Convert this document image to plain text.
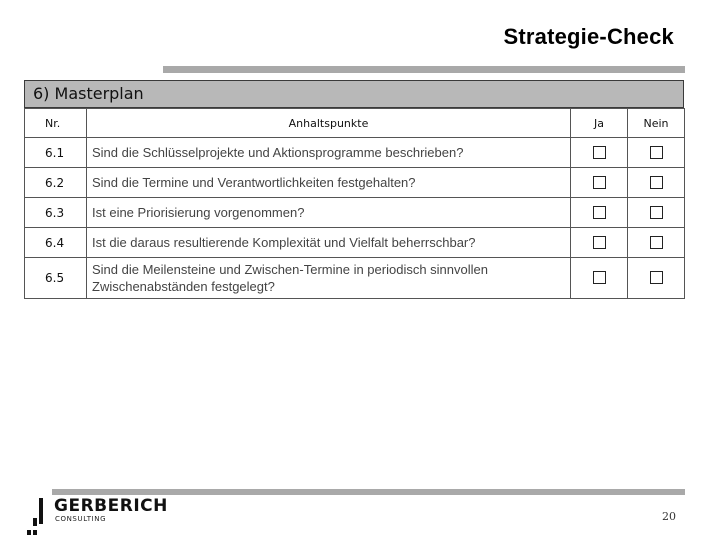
Strategie-Check
6) Masterplan
Nr.	Anhaltspunkte	Ja	Nein
6.1	Sind die Schlüsselprojekte und Aktionsprogramme beschrieben?		
6.2	Sind die Termine und Verantwortlichkeiten festgehalten?		
6.3	Ist eine Priorisierung vorgenommen?		
6.4	Ist die daraus resultierende Komplexität und Vielfalt beherrschbar?		
6.5	Sind die Meilensteine und Zwischen-Termine in periodisch sinnvollen Zwischenabständen festgelegt?		
GERBERICH
CONSULTING	20
